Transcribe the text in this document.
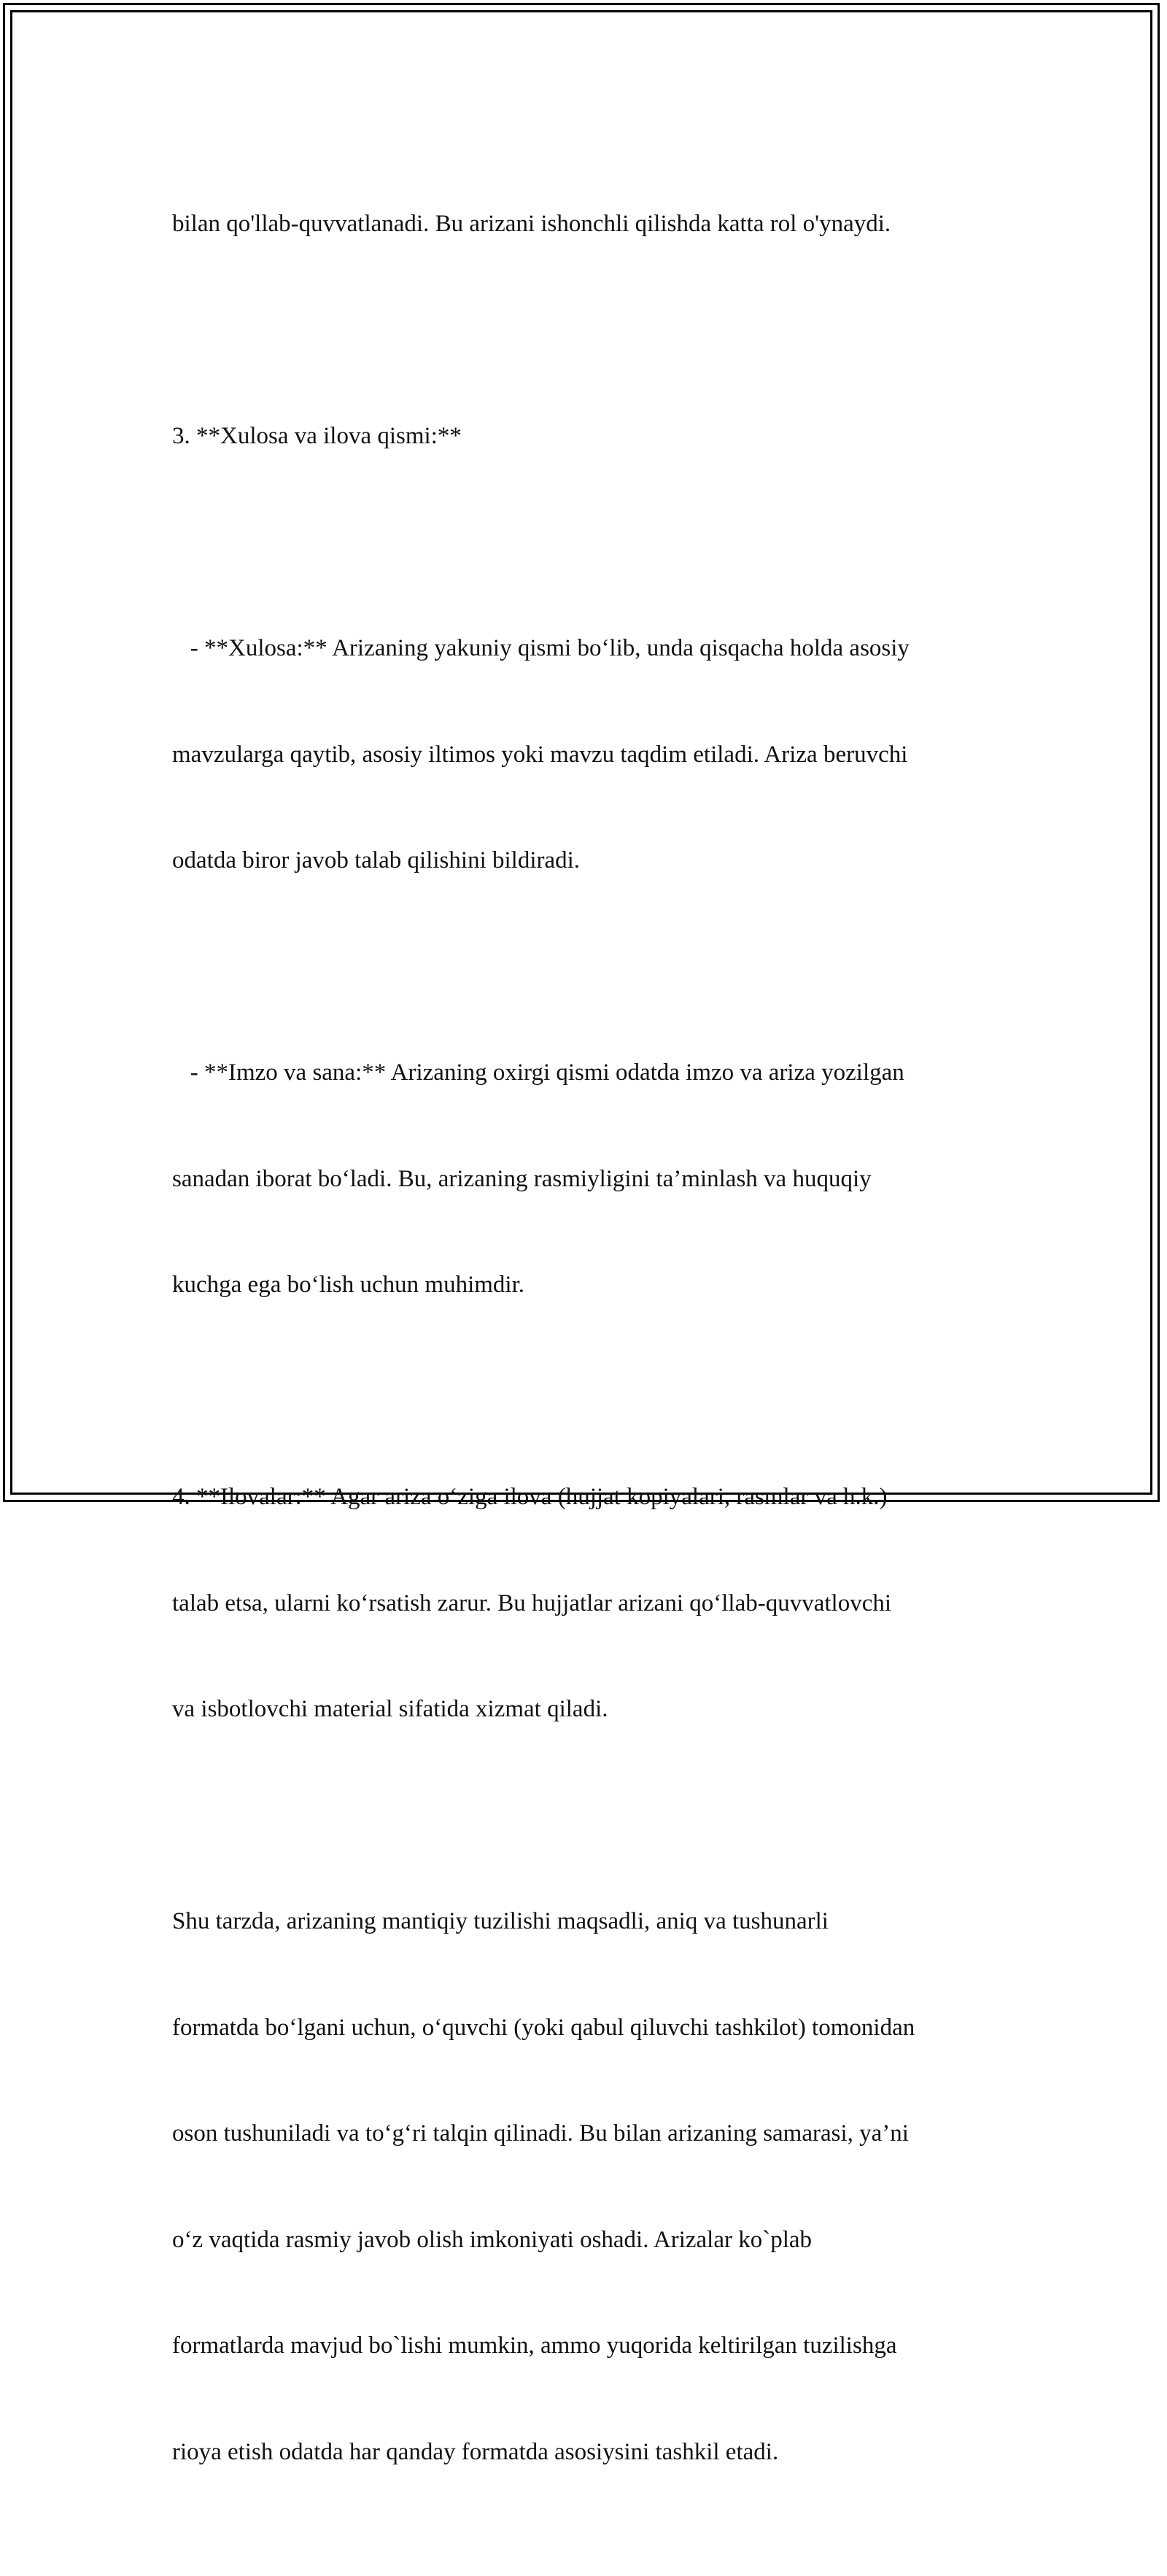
bilan qo'llab-quvvatlanadi. Bu arizani ishonchli qilishda katta rol o'ynaydi.

3. **Xulosa va ilova qismi:**

- **Xulosa:** Arizaning yakuniy qismi bo‘lib, unda qisqacha holda asosiy

mavzularga qaytib, asosiy iltimos yoki mavzu taqdim etiladi. Ariza beruvchi

odatda biror javob talab qilishini bildiradi.

- **Imzo va sana:** Arizaning oxirgi qismi odatda imzo va ariza yozilgan

sanadan iborat bo‘ladi. Bu, arizaning rasmiyligini ta’minlash va huquqiy

kuchga ega bo‘lish uchun muhimdir.

4. **Ilovalar:** Agar ariza o‘ziga ilova (hujjat kopiyalari, rasmlar va h.k.)

talab etsa, ularni ko‘rsatish zarur. Bu hujjatlar arizani qo‘llab-quvvatlovchi

va isbotlovchi material sifatida xizmat qiladi.

Shu tarzda, arizaning mantiqiy tuzilishi maqsadli, aniq va tushunarli

formatda bo‘lgani uchun, o‘quvchi (yoki qabul qiluvchi tashkilot) tomonidan

oson tushuniladi va to‘g‘ri talqin qilinadi. Bu bilan arizaning samarasi, ya’ni

o‘z vaqtida rasmiy javob olish imkoniyati oshadi. Arizalar ko`plab

formatlarda mavjud bo`lishi mumkin, ammo yuqorida keltirilgan tuzilishga

rioya etish odatda har qanday formatda asosiysini tashkil etadi.
